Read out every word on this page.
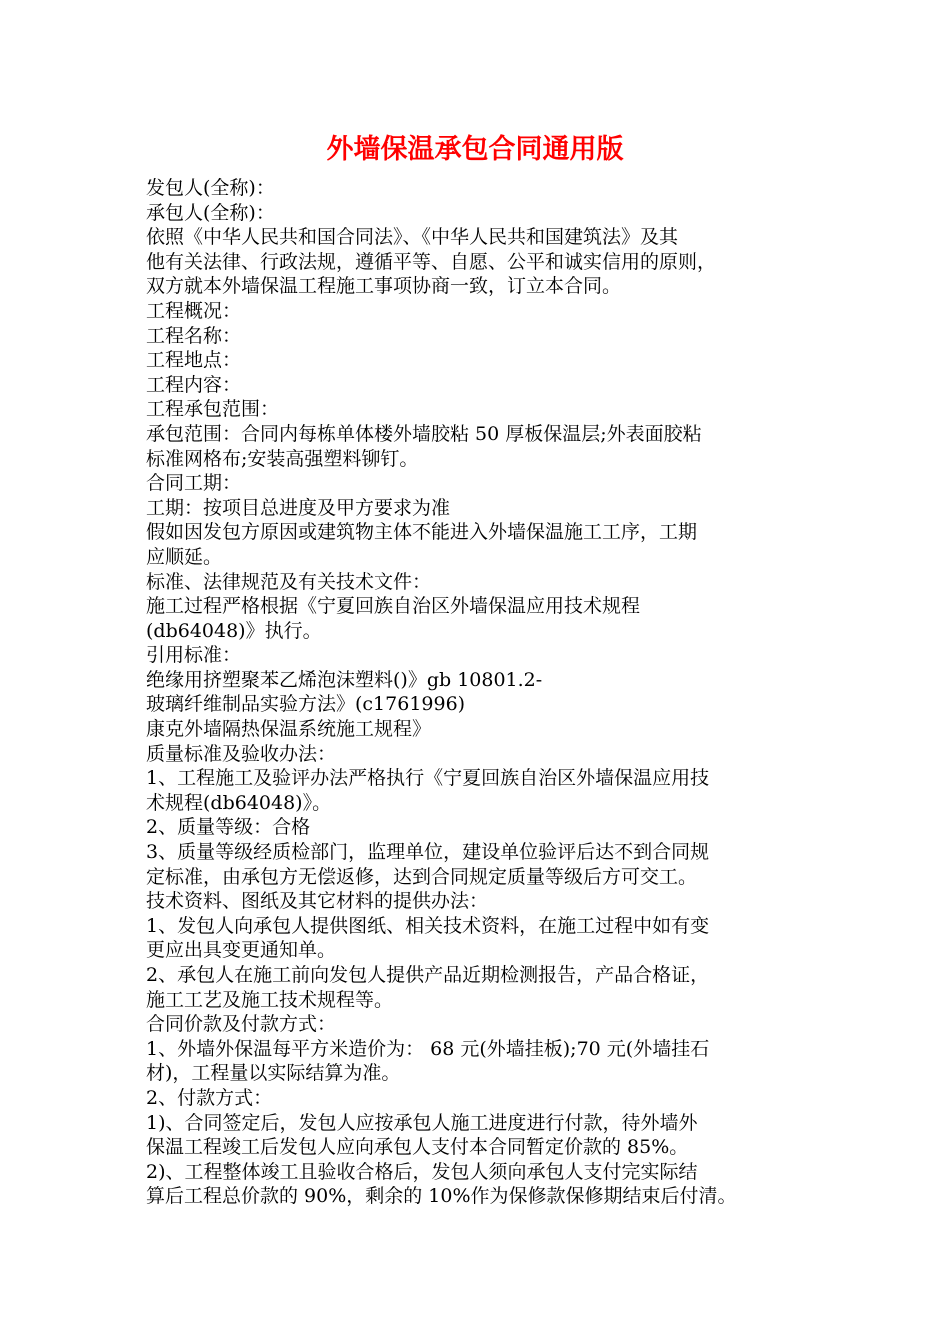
外墙保温承包合同通用版

发包人(全称)：

承包人(全称)：

依照《中华人民共和国合同法》、《中华人民共和国建筑法》及其

他有关法律、行政法规，遵循平等、自愿、公平和诚实信用的原则，

双方就本外墙保温工程施工事项协商一致，订立本合同。

工程概况：

工程名称：

工程地点：

工程内容：

工程承包范围：

承包范围：合同内每栋单体楼外墙胶粘 50 厚板保温层;外表面胶粘

标准网格布;安装高强塑料铆钉。

合同工期：

工期：按项目总进度及甲方要求为准

假如因发包方原因或建筑物主体不能进入外墙保温施工工序，工期

应顺延。

标准、法律规范及有关技术文件：

施工过程严格根据《宁夏回族自治区外墙保温应用技术规程

(db64048)》执行。

引用标准：

绝缘用挤塑聚苯乙烯泡沫塑料()》gb 10801.2-

玻璃纤维制品实验方法》(c1761996)

康克外墙隔热保温系统施工规程》

质量标准及验收办法：

1、工程施工及验评办法严格执行《宁夏回族自治区外墙保温应用技

术规程(db64048)》。

2、质量等级：合格

3、质量等级经质检部门，监理单位，建设单位验评后达不到合同规

定标准，由承包方无偿返修，达到合同规定质量等级后方可交工。

技术资料、图纸及其它材料的提供办法：

1、发包人向承包人提供图纸、相关技术资料，在施工过程中如有变

更应出具变更通知单。

2、承包人在施工前向发包人提供产品近期检测报告，产品合格证，

施工工艺及施工技术规程等。

合同价款及付款方式：

1、外墙外保温每平方米造价为： 68 元(外墙挂板);70 元(外墙挂石

材)，工程量以实际结算为准。

2、付款方式：

1)、合同签定后，发包人应按承包人施工进度进行付款，待外墙外

保温工程竣工后发包人应向承包人支付本合同暂定价款的 85%。

2)、工程整体竣工且验收合格后，发包人须向承包人支付完实际结

算后工程总价款的 90%，剩余的 10%作为保修款保修期结束后付清。
